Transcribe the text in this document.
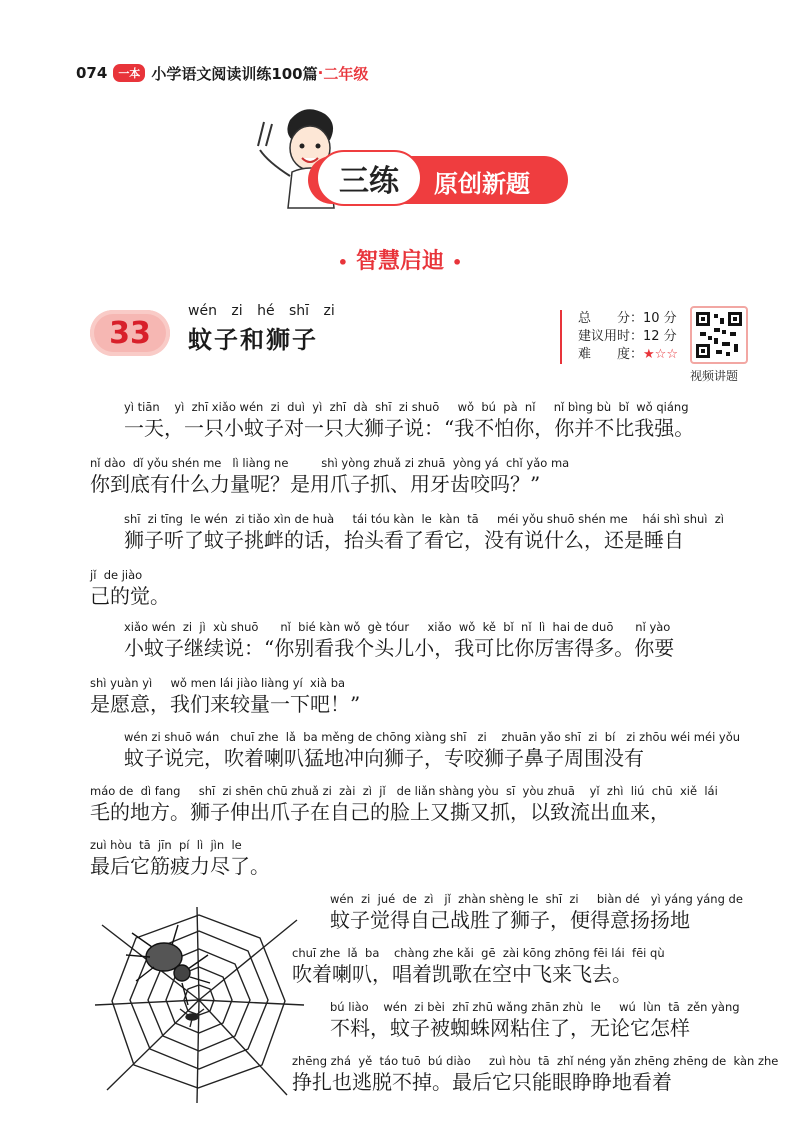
074	一本 小学语文阅读训练100篇 · 二年级
三练	原创新题
• 智慧启迪 •
33
wén zi hé shī zi
蚊子和狮子
总　　分：10 分
建议用时：12 分
难　　度：★☆☆
视频讲题
yì tiān    yì  zhī xiǎo wén  zi  duì  yì  zhī  dà  shī  zi shuō     wǒ  bú  pà  nǐ     nǐ bìng bù  bǐ  wǒ qiáng
一天，一只小蚊子对一只大狮子说：“我不怕你，你并不比我强。
nǐ dào  dǐ yǒu shén me   lì liàng ne         shì yòng zhuǎ zi zhuā  yòng yá  chǐ yǎo ma
你到底有什么力量呢？是用爪子抓、用牙齿咬吗？”
shī  zi tīng  le wén  zi tiǎo xìn de huà     tái tóu kàn  le  kàn  tā     méi yǒu shuō shén me    hái shì shuì  zì
狮子听了蚊子挑衅的话，抬头看了看它，没有说什么，还是睡自
jǐ  de jiào
己的觉。
xiǎo wén  zi  jì  xù shuō      nǐ  bié kàn wǒ  gè tóur     xiǎo  wǒ  kě  bǐ  nǐ  lì  hai de duō      nǐ yào
小蚊子继续说：“你别看我个头儿小，我可比你厉害得多。你要
shì yuàn yì     wǒ men lái jiào liàng yí  xià ba
是愿意，我们来较量一下吧！”
wén zi shuō wán   chuī zhe  lǎ  ba měng de chōng xiàng shī   zi    zhuān yǎo shī  zi  bí   zi zhōu wéi méi yǒu
蚊子说完，吹着喇叭猛地冲向狮子，专咬狮子鼻子周围没有
máo de  dì fang     shī  zi shēn chū zhuǎ zi  zài  zì  jǐ   de liǎn shàng yòu  sī  yòu zhuā    yǐ  zhì  liú  chū  xiě  lái
毛的地方。狮子伸出爪子在自己的脸上又撕又抓，以致流出血来，
zuì hòu  tā  jīn  pí  lì  jìn  le
最后它筋疲力尽了。
wén  zi  jué  de  zì   jǐ  zhàn shèng le  shī  zi     biàn dé   yì yáng yáng de
蚊子觉得自己战胜了狮子，便得意扬扬地
chuī zhe  lǎ  ba    chàng zhe kǎi  gē  zài kōng zhōng fēi lái  fēi qù
吹着喇叭，唱着凯歌在空中飞来飞去。
bú liào    wén  zi bèi  zhī zhū wǎng zhān zhù  le     wú  lùn  tā  zěn yàng
不料，蚊子被蜘蛛网粘住了，无论它怎样
zhēng zhá  yě  táo tuō  bú diào     zuì hòu  tā  zhǐ néng yǎn zhēng zhēng de  kàn zhe
挣扎也逃脱不掉。最后它只能眼睁睁地看着
